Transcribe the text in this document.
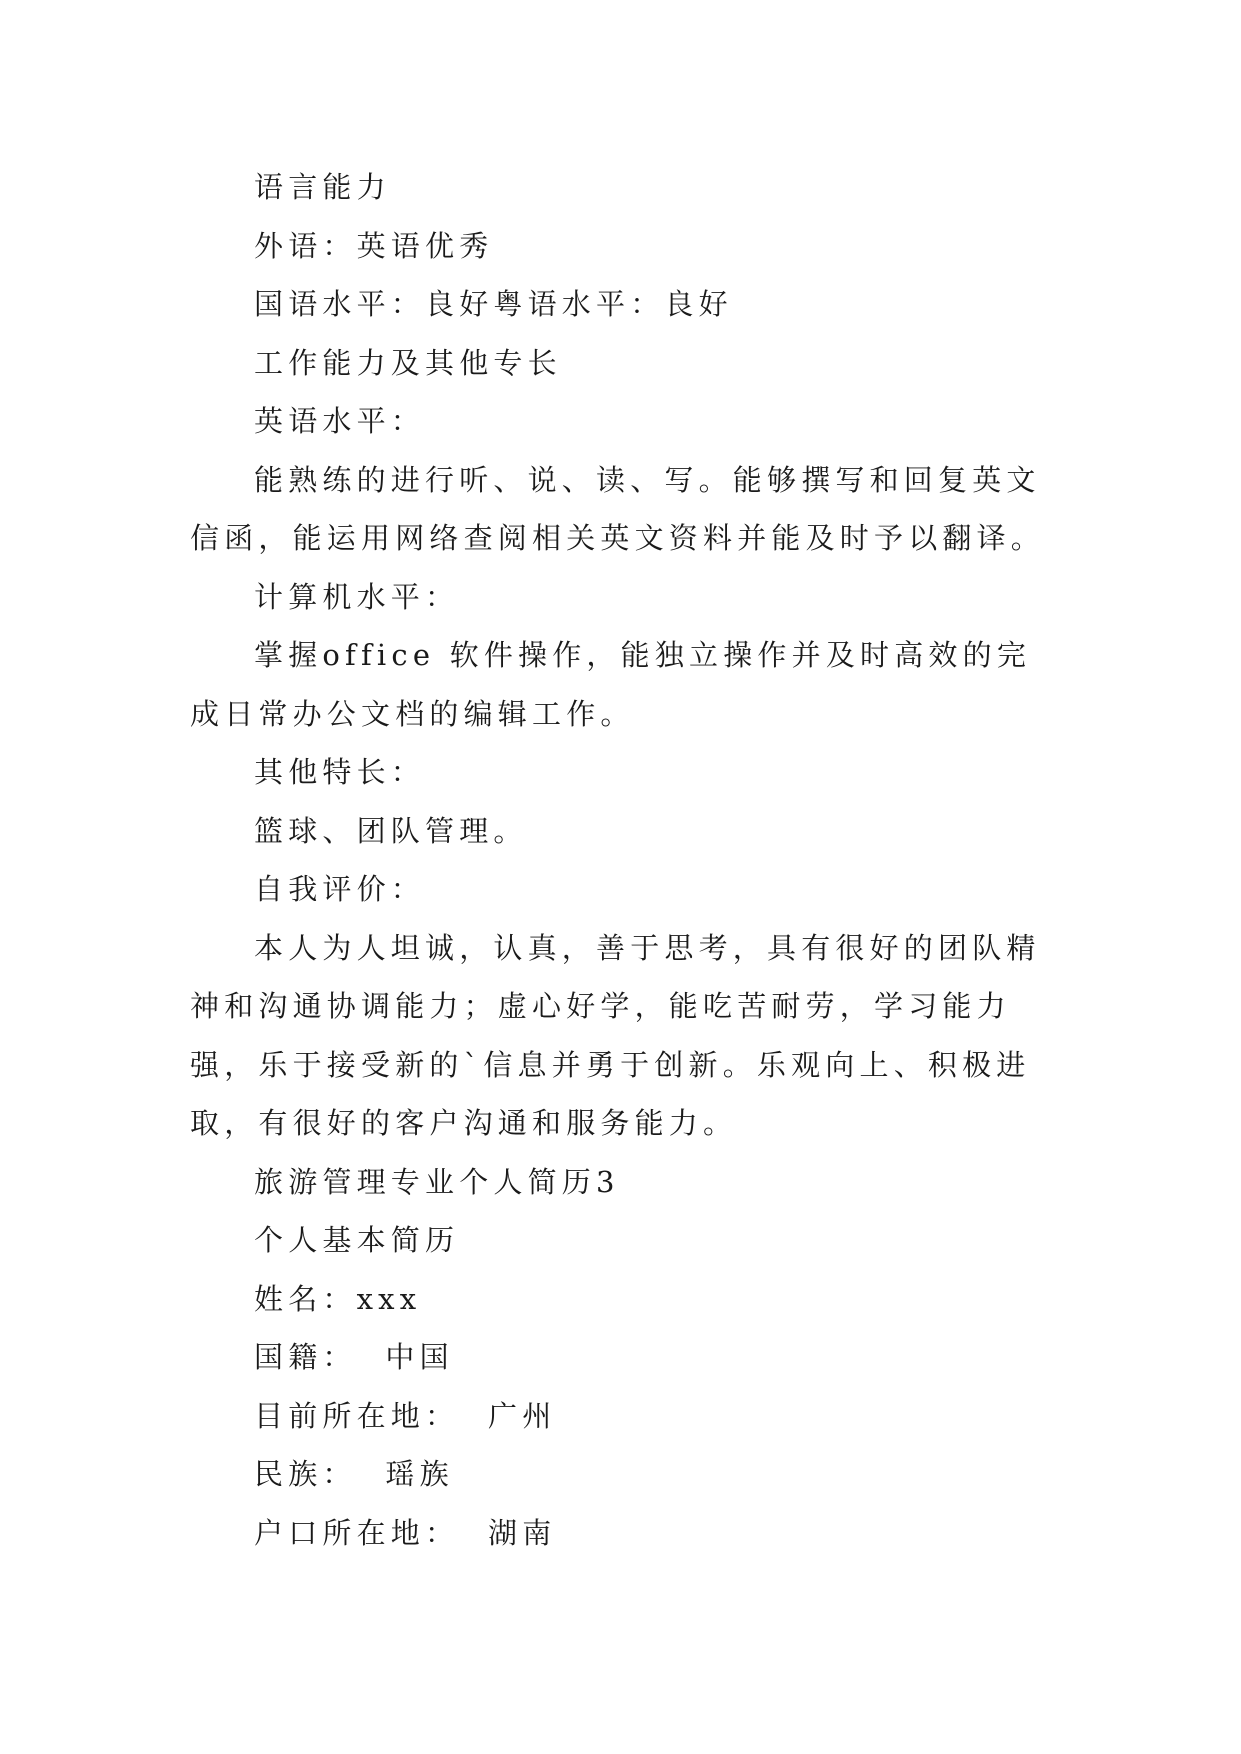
语言能力

外语：英语优秀

国语水平：良好粤语水平：良好

工作能力及其他专长

英语水平：

能熟练的进行听、说、读、写。能够撰写和回复英文信函，能运用网络查阅相关英文资料并能及时予以翻译。

计算机水平：

掌握office 软件操作，能独立操作并及时高效的完成日常办公文档的编辑工作。

其他特长：

篮球、团队管理。

自我评价：

本人为人坦诚，认真，善于思考，具有很好的团队精神和沟通协调能力；虚心好学，能吃苦耐劳，学习能力强，乐于接受新的`信息并勇于创新。乐观向上、积极进取，有很好的客户沟通和服务能力。

旅游管理专业个人简历3

个人基本简历

姓名：xxx

国籍：  中国

目前所在地：  广州

民族：  瑶族

户口所在地：  湖南
